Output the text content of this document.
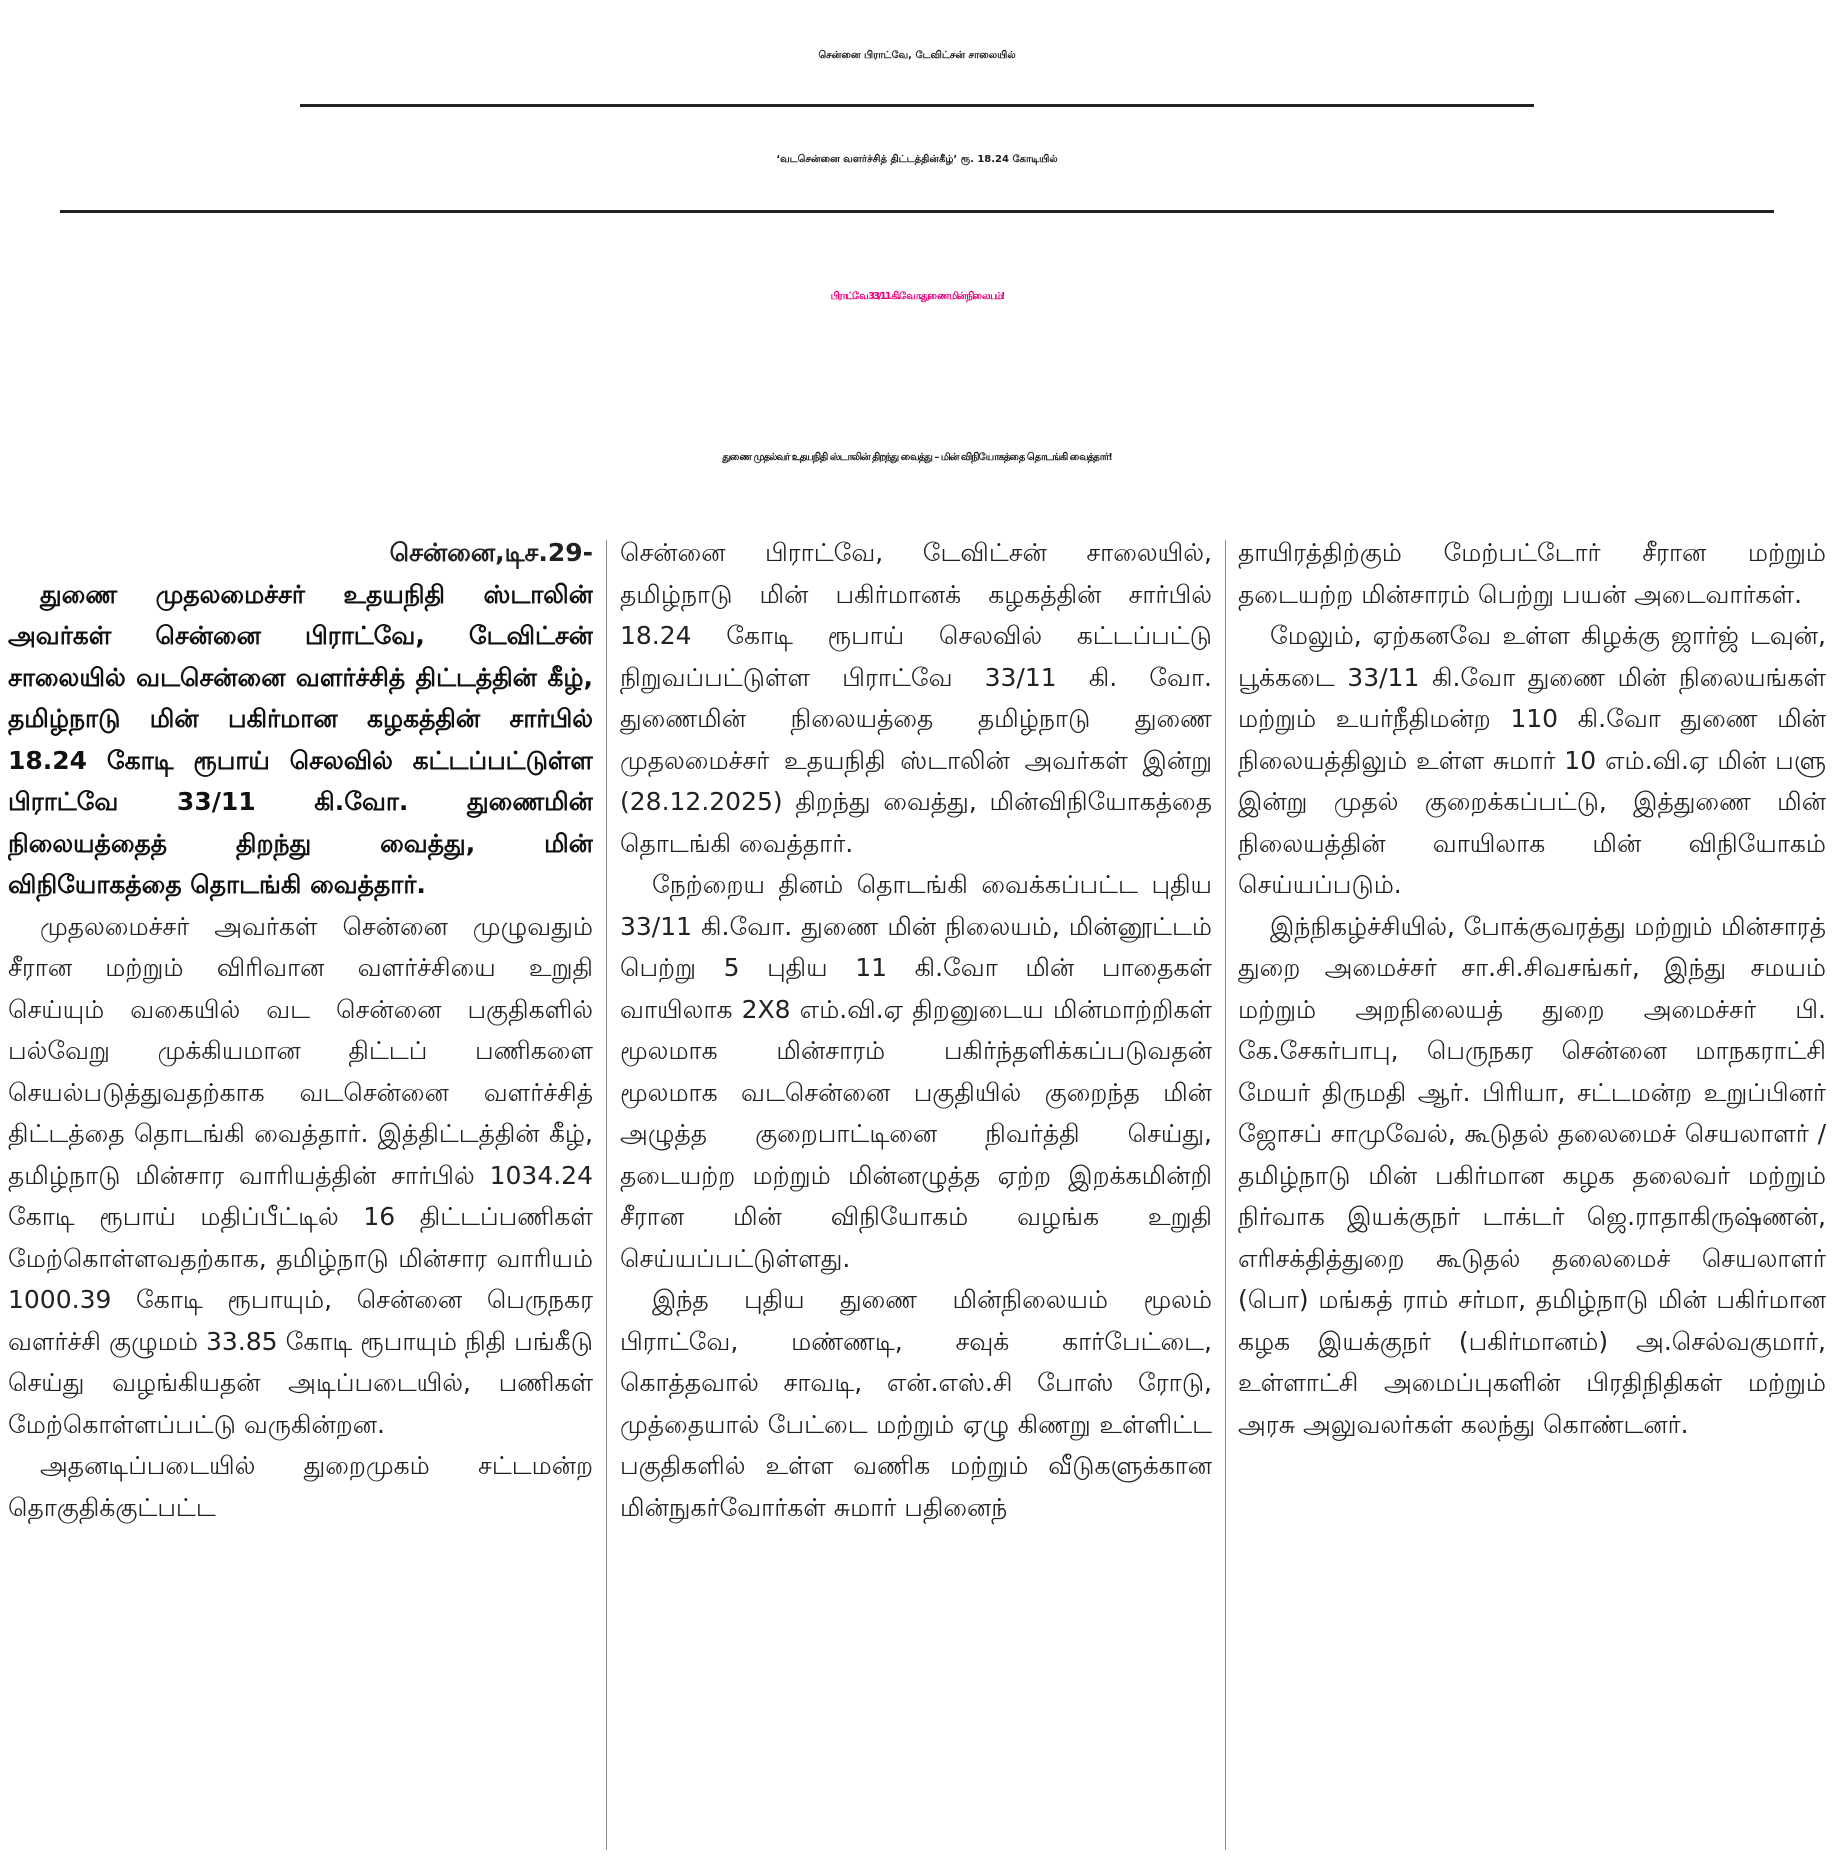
சென்னை பிராட்வே, டேவிட்சன் சாலையில்
‘வடசென்னை வளர்ச்சித் திட்டத்தின்கீழ்’ ரூ. 18.24 கோடியில்
பிராட்வே 33/11 கி.வோ.துணை மின் நிலையம்!
துணை முதல்வர் உதயநிதி ஸ்டாலின் திறந்து வைத்து – மின் விநியோகத்தை தொடங்கி வைத்தார்!

சென்னை,டிச.29-

துணை முதலமைச்சர் உதயநிதி ஸ்டாலின் அவர்கள் சென்னை பிராட்வே, டேவிட்சன் சாலையில் வடசென்னை வளர்ச்சித் திட்டத்தின் கீழ், தமிழ்நாடு மின் பகிர்மான கழகத்தின் சார்பில் 18.24 கோடி ரூபாய் செலவில் கட்டப்பட்டுள்ள பிராட்வே 33/11 கி.வோ. துணைமின் நிலையத்தைத் திறந்து வைத்து, மின் விநியோகத்தை தொடங்கி வைத்தார்.

முதலமைச்சர் அவர்கள் சென்னை முழுவதும் சீரான மற்றும் விரிவான வளர்ச்சியை உறுதி செய்யும் வகையில் வட சென்னை பகுதிகளில் பல்வேறு முக்கியமான திட்டப் பணிகளை செயல்படுத்துவதற்காக வடசென்னை வளர்ச்சித் திட்டத்தை தொடங்கி வைத்தார். இத்திட்டத்தின் கீழ், தமிழ்நாடு மின்சார வாரியத்தின் சார்பில் 1034.24 கோடி ரூபாய் மதிப்பீட்டில் 16 திட்டப்பணிகள் மேற்கொள்ளவதற்காக, தமிழ்நாடு மின்சார வாரியம் 1000.39 கோடி ரூபாயும், சென்னை பெருநகர வளர்ச்சி குழுமம் 33.85 கோடி ரூபாயும் நிதி பங்கீடு செய்து வழங்கியதன் அடிப்படையில், பணிகள் மேற்கொள்ளப்பட்டு வருகின்றன.

அதனடிப்படையில் துறைமுகம் சட்டமன்ற தொகுதிக்குட்பட்ட

சென்னை பிராட்வே, டேவிட்சன் சாலையில், தமிழ்நாடு மின் பகிர்மானக் கழகத்தின் சார்பில் 18.24 கோடி ரூபாய் செலவில் கட்டப்பட்டு நிறுவப்பட்டுள்ள பிராட்வே 33/11 கி. வோ. துணைமின் நிலையத்தை தமிழ்நாடு துணை முதலமைச்சர் உதயநிதி ஸ்டாலின் அவர்கள் இன்று (28.12.2025) திறந்து வைத்து, மின்விநியோகத்தை தொடங்கி வைத்தார்.

நேற்றைய தினம் தொடங்கி வைக்கப்பட்ட புதிய 33/11 கி.வோ. துணை மின் நிலையம், மின்னூட்டம் பெற்று 5 புதிய 11 கி.வோ மின் பாதைகள் வாயிலாக 2X8 எம்.வி.ஏ திறனுடைய மின்மாற்றிகள் மூலமாக மின்சாரம் பகிர்ந்தளிக்கப்படுவதன் மூலமாக வடசென்னை பகுதியில் குறைந்த மின் அழுத்த குறைபாட்டினை நிவர்த்தி செய்து, தடையற்ற மற்றும் மின்னழுத்த ஏற்ற இறக்கமின்றி சீரான மின் விநியோகம் வழங்க உறுதி செய்யப்பட்டுள்ளது.

இந்த புதிய துணை மின்நிலையம் மூலம் பிராட்வே, மண்ணடி, சவுக் கார்பேட்டை, கொத்தவால் சாவடி, என்.எஸ்.சி போஸ் ரோடு, முத்தையால் பேட்டை மற்றும் ஏழு கிணறு உள்ளிட்ட பகுதிகளில் உள்ள வணிக மற்றும் வீடுகளுக்கான மின்நுகர்வோர்கள் சுமார் பதினைந்

தாயிரத்திற்கும் மேற்பட்டோர் சீரான மற்றும் தடையற்ற மின்சாரம் பெற்று பயன் அடைவார்கள்.

மேலும், ஏற்கனவே உள்ள கிழக்கு ஜார்ஜ் டவுன், பூக்கடை 33/11 கி.வோ துணை மின் நிலையங்கள் மற்றும் உயர்நீதிமன்ற 110 கி.வோ துணை மின் நிலையத்திலும் உள்ள சுமார் 10 எம்.வி.ஏ மின் பளு இன்று முதல் குறைக்கப்பட்டு, இத்துணை மின் நிலையத்தின் வாயிலாக மின் விநியோகம் செய்யப்படும்.

இந்நிகழ்ச்சியில், போக்குவரத்து மற்றும் மின்சாரத் துறை அமைச்சர் சா.சி.சிவசங்கர், இந்து சமயம் மற்றும் அறநிலையத் துறை அமைச்சர் பி. கே.சேகர்பாபு, பெருநகர சென்னை மாநகராட்சி மேயர் திருமதி ஆர். பிரியா, சட்டமன்ற உறுப்பினர் ஜோசப் சாமுவேல், கூடுதல் தலைமைச் செயலாளர் /தமிழ்நாடு மின் பகிர்மான கழக தலைவர் மற்றும் நிர்வாக இயக்குநர் டாக்டர் ஜெ.ராதாகிருஷ்ணன், எரிசக்தித்துறை கூடுதல் தலைமைச் செயலாளர் (பொ) மங்கத் ராம் சர்மா, தமிழ்நாடு மின் பகிர்மான கழக இயக்குநர் (பகிர்மானம்) அ.செல்வகுமார், உள்ளாட்சி அமைப்புகளின் பிரதிநிதிகள் மற்றும் அரசு அலுவலர்கள் கலந்து கொண்டனர்.
